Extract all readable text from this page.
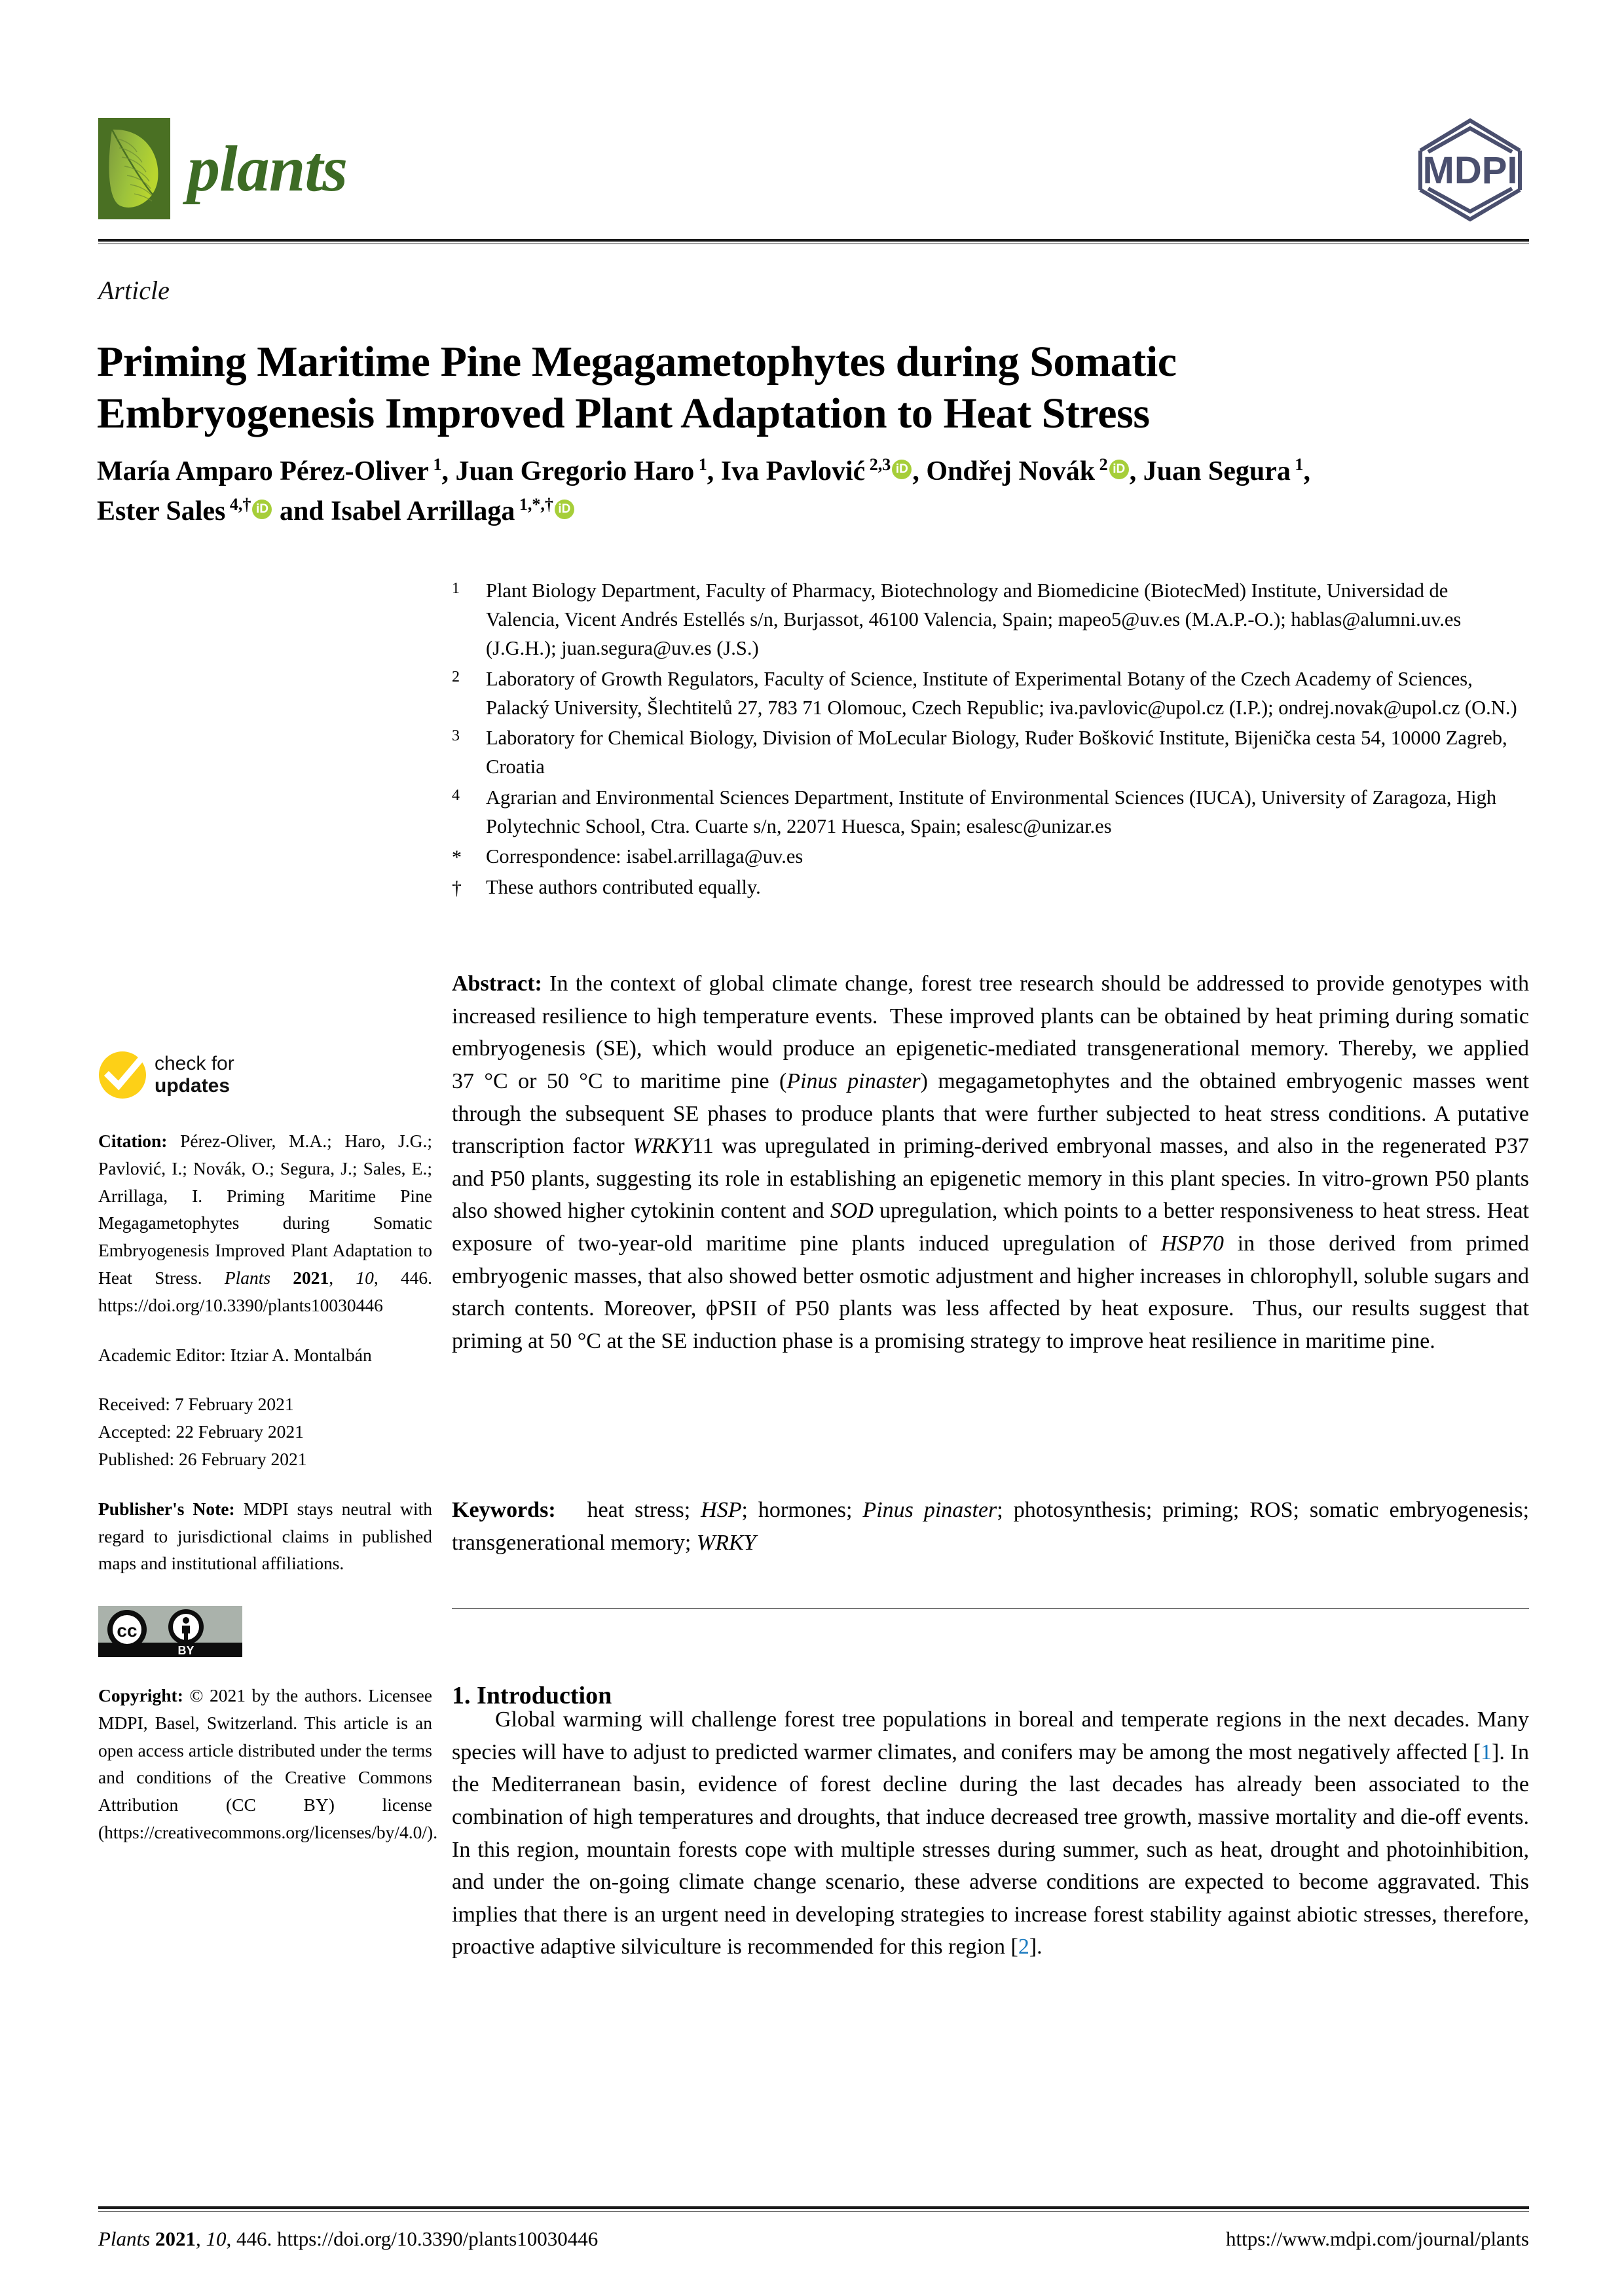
plants	MDPI
Article
Priming Maritime Pine Megagametophytes during Somatic Embryogenesis Improved Plant Adaptation to Heat Stress
María Amparo Pérez-Oliver $^1$, Juan Gregorio Haro $^1$, Iva Pavlović $^{2,3}$ iD , Ondřej Novák $^2$ iD , Juan Segura $^1$,
Ester Sales $^{4,\dagger}$ iD and Isabel Arrillaga $^{1,*,\dagger}$ iD
1	Plant Biology Department, Faculty of Pharmacy, Biotechnology and Biomedicine (BiotecMed) Institute, Universidad de Valencia, Vicent Andrés Estellés s/n, Burjassot, 46100 Valencia, Spain; mapeo5@uv.es (M.A.P.-O.); hablas@alumni.uv.es (J.G.H.); juan.segura@uv.es (J.S.)
2	Laboratory of Growth Regulators, Faculty of Science, Institute of Experimental Botany of the Czech Academy of Sciences, Palacký University, Šlechtitelů 27, 783 71 Olomouc, Czech Republic; iva.pavlovic@upol.cz (I.P.); ondrej.novak@upol.cz (O.N.)
3	Laboratory for Chemical Biology, Division of MoLecular Biology, Ruđer Bošković Institute, Bijenička cesta 54, 10000 Zagreb, Croatia
4	Agrarian and Environmental Sciences Department, Institute of Environmental Sciences (IUCA), University of Zaragoza, High Polytechnic School, Ctra. Cuarte s/n, 22071 Huesca, Spain; esalesc@unizar.es
*	Correspondence: isabel.arrillaga@uv.es
†	These authors contributed equally.
Abstract: In the context of global climate change, forest tree research should be addressed to provide genotypes with increased resilience to high temperature events.  These improved plants can be obtained by heat priming during somatic embryogenesis (SE), which would produce an epigenetic-mediated transgenerational memory. Thereby, we applied 37 °C or 50 °C to maritime pine (Pinus pinaster) megagametophytes and the obtained embryogenic masses went through the subsequent SE phases to produce plants that were further subjected to heat stress conditions. A putative transcription factor WRKY11 was upregulated in priming-derived embryonal masses, and also in the regenerated P37 and P50 plants, suggesting its role in establishing an epigenetic memory in this plant species. In vitro-grown P50 plants also showed higher cytokinin content and SOD upregulation, which points to a better responsiveness to heat stress. Heat exposure of two-year-old maritime pine plants induced upregulation of HSP70 in those derived from primed embryogenic masses, that also showed better osmotic adjustment and higher increases in chlorophyll, soluble sugars and starch contents. Moreover, ϕPSII of P50 plants was less affected by heat exposure.  Thus, our results suggest that priming at 50 °C at the SE induction phase is a promising strategy to improve heat resilience in maritime pine.
Keywords:   heat stress; HSP; hormones; Pinus pinaster; photosynthesis; priming; ROS; somatic embryogenesis; transgenerational memory; WRKY
1. Introduction
Global warming will challenge forest tree populations in boreal and temperate regions in the next decades. Many species will have to adjust to predicted warmer climates, and conifers may be among the most negatively affected [1]. In the Mediterranean basin, evidence of forest decline during the last decades has already been associated to the combination of high temperatures and droughts, that induce decreased tree growth, massive mortality and die-off events. In this region, mountain forests cope with multiple stresses during summer, such as heat, drought and photoinhibition, and under the on-going climate change scenario, these adverse conditions are expected to become aggravated. This implies that there is an urgent need in developing strategies to increase forest stability against abiotic stresses, therefore, proactive adaptive silviculture is recommended for this region [2].
check for
updates
Citation: Pérez-Oliver, M.A.; Haro, J.G.; Pavlović, I.; Novák, O.; Segura, J.; Sales, E.; Arrillaga, I. Priming Maritime Pine Megagametophytes during Somatic Embryogenesis Improved Plant Adaptation to Heat Stress. Plants 2021, 10, 446. https://doi.org/10.3390/plants10030446
Academic Editor: Itziar A. Montalbán

Received: 7 February 2021

Accepted: 22 February 2021

Published: 26 February 2021

Publisher's Note: MDPI stays neutral with regard to jurisdictional claims in published maps and institutional affiliations.
cc
BY
Copyright: © 2021 by the authors. Licensee MDPI, Basel, Switzerland. This article is an open access article distributed under the terms and conditions of the Creative Commons Attribution (CC BY) license (https://creativecommons.org/licenses/by/4.0/).
Plants 2021, 10, 446. https://doi.org/10.3390/plants10030446	https://www.mdpi.com/journal/plants
